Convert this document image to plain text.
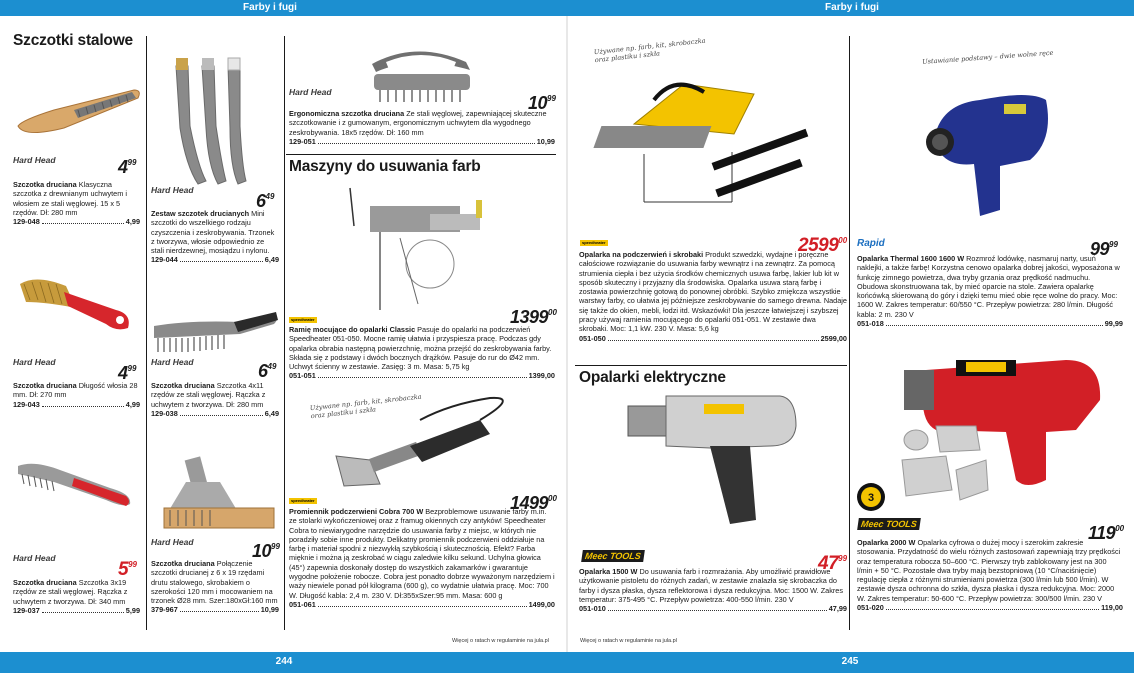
Farby i fugi	Farby i fugi
244	245
Więcej o ratach w regulaminie na jula.pl	Więcej o ratach w regulaminie na jula.pl
Szczotki stalowe
Maszyny do usuwania farb
Opalarki elektryczne
3
Używane np. farb, kit, skrobaczka oraz plastiku i szkła
Używane np. farb, kit, skrobaczka oraz plastiku i szkła
Ustawianie podstawy – dwie wolne ręce
Hard Head	$4^{99}$
Szczotka druciana Klasyczna szczotka z drewnianym uchwytem i włosiem ze stali węglowej. 15 x 5 rzędów. Dł: 280 mm
129-048	4,99
Hard Head
$6^{49}$
Zestaw szczotek drucianych Mini szczotki do wszelkiego rodzaju czyszczenia i zeskrobywania. Trzonek z tworzywa, włosie odpowiednio ze stali nierdzewnej, mosiądzu i nylonu.
129-044	6,49
Hard Head
$10^{99}$
Ergonomiczna szczotka druciana Ze stali węglowej, zapewniającej skuteczne szczotkowanie i z gumowanym, ergonomicznym uchwytem dla wygodnego zeskrobywania. 18x5 rzędów. Dł: 160 mm
129-051	10,99
Hard Head
$4^{99}$
Szczotka druciana Długość włosia 28 mm. Dł: 270 mm
129-043	4,99
Hard Head	$6^{49}$
Szczotka druciana Szczotka 4x11 rzędów ze stali węglowej. Rączka z uchwytem z tworzywa. Dł: 280 mm
129-038	6,49
Hard Head
$5^{99}$
Szczotka druciana Szczotka 3x19 rzędów ze stali węglowej. Rączka z uchwytem z tworzywa. Dł: 340 mm
129-037	5,99
Hard Head	$10^{99}$
Szczotka druciana Połączenie szczotki drucianej z 6 x 19 rzędami drutu stalowego, skrobakiem o szerokości 120 mm i mocowaniem na trzonek Ø28 mm. Szer:180xGł:160 mm
379-967	10,99
speedheater	1399$^{00}$
Ramię mocujące do opalarki Classic Pasuje do opalarki na podczerwień Speedheater 051-050. Mocne ramię ułatwia i przyspiesza pracę. Podczas gdy opalarka obrabia następną powierzchnię, można przejść do zeskrobywania farby. Składa się z podstawy i dwóch bocznych drążków. Pasuje do rur do Ø42 mm. Uchwyt ścienny w zestawie. Zasięg: 3 m. Masa: 5,75 kg
051-051	1399,00
speedheater	1499$^{00}$
Promiennik podczerwieni Cobra 700 W Bezproblemowe usuwanie farby m.in. ze stolarki wykończeniowej oraz z framug okiennych czy antyków! Speedheater Cobra to niewiarygodne narzędzie do usuwania farby z miejsc, w których nie poradziły sobie inne produkty. Delikatny promiennik podczerwieni oddziałuje na farbę i materiał spodni z niezwykłą szybkością i skutecznością. Efekt? Farba mięknie i można ją zeskrobać w ciągu zaledwie kilku sekund. Uchylna głowica (45°) zapewnia doskonały dostęp do wszystkich zakamarków i gwarantuje wygodne położenie robocze. Cobra jest ponadto dobrze wyważonym narzędziem i waży niewiele ponad pół kilograma (600 g), co wydatnie ułatwia pracę. Moc: 700 W. Długość kabla: 2,4 m. 230 V. Dł:355xSzer:95 mm. Masa: 600 g
051-061	1499,00
speedheater	2599$^{00}$
Opalarka na podczerwień i skrobaki Produkt szwedzki, wydajne i poręczne całościowe rozwiązanie do usuwania farby wewnątrz i na zewnątrz. Za pomocą strumienia ciepła i bez użycia środków chemicznych usuwa farbę, lakier lub kit w sposób skuteczny i przyjazny dla środowiska. Opalarka usuwa starą farbę i zostawia powierzchnię gotową do ponownej obróbki. Szybko zmiękcza wszystkie warstwy farby, co ułatwia jej późniejsze zeskrobywanie do samego drewna. Nadaje się także do okien, mebli, łodzi itd. Wskazówki! Dla jeszcze łatwiejszej i szybszej pracy używaj ramienia mocującego do opalarki 051-051. W zestawie dwa skrobaki. Moc: 1,1 kW. 230 V. Masa: 5,6 kg
051-050	2599,00
Rapid	$99^{99}$
Opalarka Thermal 1600 1600 W Rozmroź lodówkę, nasmaruj narty, usuń naklejki, a także farbę! Korzystna cenowo opalarka dobrej jakości, wyposażona w funkcję zimnego powietrza, dwa tryby grzania oraz prędkość nadmuchu. Obudowa skonstruowana tak, by mieć oparcie na stole. Zawiera opalarkę końcówką skierowaną do góry i dzięki temu mieć obie ręce wolne do pracy. Moc: 1600 W. Zakres temperatur: 60/550 °C. Przepływ powietrza: 280 l/min. Długość kabla: 2 m. 230 V
051-018	99,99
Meec TOOLS	$47^{99}$
Opalarka 1500 W Do usuwania farb i rozmrażania. Aby umożliwić prawidłowe użytkowanie pistoletu do różnych zadań, w zestawie znalazła się skrobaczka do farby i dysza płaska, dysza reflektorowa i dysza redukcyjna. Moc: 1500 W. Zakres temperatur: 375-495 °C. Przepływ powietrza: 400-550 l/min. 230 V
051-010	47,99
Meec TOOLS	$119^{00}$
Opalarka 2000 W Opalarka cyfrowa o dużej mocy i szerokim zakresie stosowania. Przydatność do wielu różnych zastosowań zapewniają trzy prędkości oraz temperatura robocza 50–600 °C. Pierwszy tryb zablokowany jest na 300 l/min + 50 °C. Pozostałe dwa tryby mają bezstopniową (10 °C/naciśnięcie) regulację ciepła z różnymi strumieniami powietrza (300 l/min lub 500 l/min). W zestawie dysza ochronna do szkła, dysza płaska i dysza redukcyjna. Moc: 2000 W. Zakres temperatur: 50-600 °C. Przepływ powietrza: 300/500 l/min. 230 V
051-020	119,00
